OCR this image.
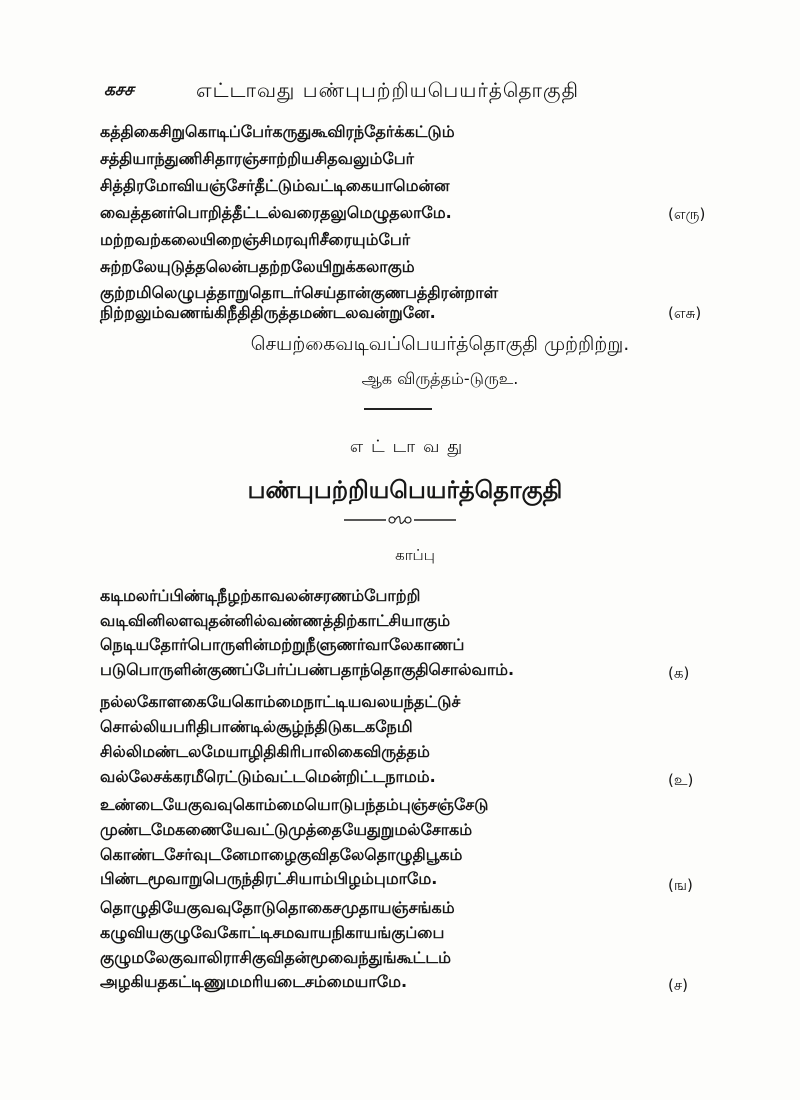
கசச	எட்டாவது பண்புபற்றியபெயர்த்தொகுதி
கத்திகைசிறுகொடிப்பேர்கருதுகூவிரந்தேர்க்கட்டும்
சத்தியாந்துணிசிதாரஞ்சாற்றியசிதவலும்பேர்
சித்திரமோவியஞ்சேர்தீட்டும்வட்டிகையாமென்ன
வைத்தனர்பொறித்தீட்டல்வரைதலுமெழுதலாமே.	(எரு)
மற்றவற்கலையிறைஞ்சிமரவுரிசீரையும்பேர்
சுற்றலேயுடுத்தலென்பதற்றலேயிறுக்கலாகும்
குற்றமிலெழுபத்தாறுதொடர்செய்தான்குணபத்திரன்றாள்
நிற்றலும்வணங்கிநீதிதிருத்தமண்டலவன்றுனே.	(எசு)
செயற்கைவடிவப்பெயர்த்தொகுதி முற்றிற்று.
ஆக விருத்தம்-டுருஉ.
எட்டாவது
பண்புபற்றியபெயர்த்தொகுதி
காப்பு
கடிமலர்ப்பிண்டிநீழற்காவலன்சரணம்போற்றி
வடிவினிலளவுதன்னில்வண்ணத்திற்காட்சியாகும்
நெடியதோர்பொருளின்மற்றுநீளுணர்வாலேகாணப்
படுபொருளின்குணப்பேர்ப்பண்பதாந்தொகுதிசொல்வாம்.	(க)
நல்லகோளகையேகொம்மைநாட்டியவலயந்தட்டுச்
சொல்லியபரிதிபாண்டில்சூழ்ந்திடுகடகநேமி
சில்லிமண்டலமேயாழிதிகிரிபாலிகைவிருத்தம்
வல்லேசக்கரமீரெட்டும்வட்டமென்றிட்டநாமம்.	(உ)
உண்டையேகுவவுகொம்மையொடுபந்தம்புஞ்சஞ்சேடு
முண்டமேகணையேவட்டுமுத்தையேதுறுமல்சோகம்
கொண்டசேர்வுடனேமாழைகுவிதலேதொழுதிபூகம்
பிண்டமூவாறுபெருந்திரட்சியாம்பிழம்புமாமே.	(ங)
தொழுதியேகுவவுதோடுதொகைசமுதாயஞ்சங்கம்
கழுவியகுழுவேகோட்டிசமவாயநிகாயங்குப்பை
குழுமலேகுவாலிராசிகுவிதன்மூவைந்துங்கூட்டம்
அழகியதகட்டிணுமமரியடைசம்மையாமே.	(ச)
